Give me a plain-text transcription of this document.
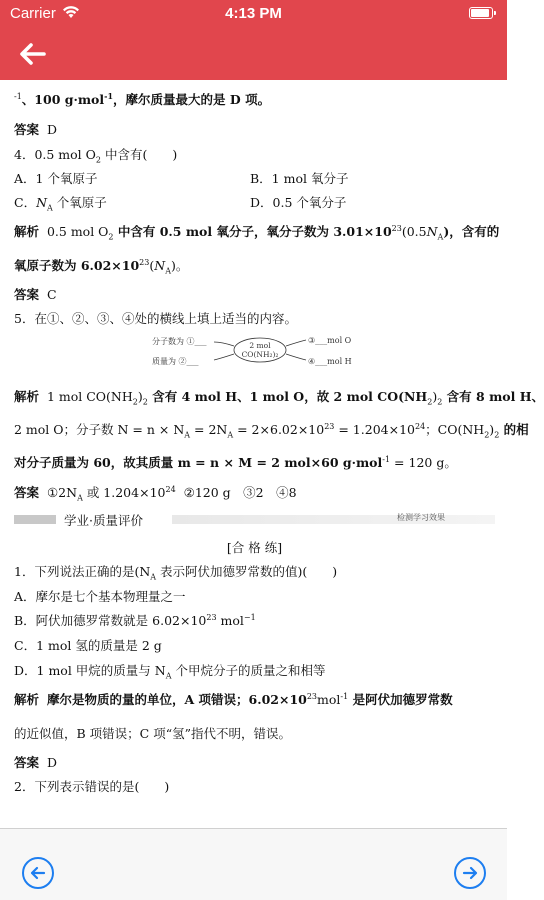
Carrier	4:13 PM
$^{-1}$、100 g·mol$^{-1}$，摩尔质量最大的是 D 项。
答案 D
4．0.5 mol $O_2$ 中含有(　　)
A．1 个氧原子	B．1 mol 氧分子
C．$N_A$ 个氧原子	D．0.5 个氧分子
解析 0.5 mol $O_2$ 中含有 0.5 mol 氧分子，氧分子数为 $3.01\times 10^{23}(0.5N_A)$，含有的
氧原子数为 $6.02\times 10^{23}(N_A)$。
答案 C
5．在①、②、③、④处的横线上填上适当的内容。
分子数为 ①___
质量为 ②___
2 mol
CO(NH₂)₂
③___mol O
④___mol H
解析 1 mol $CO(NH_2)_2$ 含有 4 mol H、1 mol O，故 2 mol $CO(NH_2)_2$ 含有 8 mol H、
2 mol O；分子数 $N = n \times N_A = 2N_A = 2\times 6.02\times 10^{23} = 1.204\times 10^{24}$；$CO(NH_2)_2$ 的相
对分子质量为 60，故其质量 m = n × M = 2 mol×60 g·mol$^{-1}$ = 120 g。
答案 $①2N_A$ 或 $1.204\times 10^{24}$ ②120 g　③2　④8
学业·质量评价	检测学习效果
[合 格 练]
1．下列说法正确的是($N_A$ 表示阿伏加德罗常数的值)(　　)
A．摩尔是七个基本物理量之一
B．阿伏加德罗常数就是 $6.02\times 10^{23}$ mol$^{-1}$
C．1 mol 氢的质量是 2 g
D．1 mol 甲烷的质量与 $N_A$ 个甲烷分子的质量之和相等
解析 摩尔是物质的量的单位，A 项错误；$6.02\times 10^{23}mol^{-1}$ 是阿伏加德罗常数
的近似值，B 项错误；C 项“氢”指代不明，错误。
答案 D
2．下列表示错误的是(　　)
